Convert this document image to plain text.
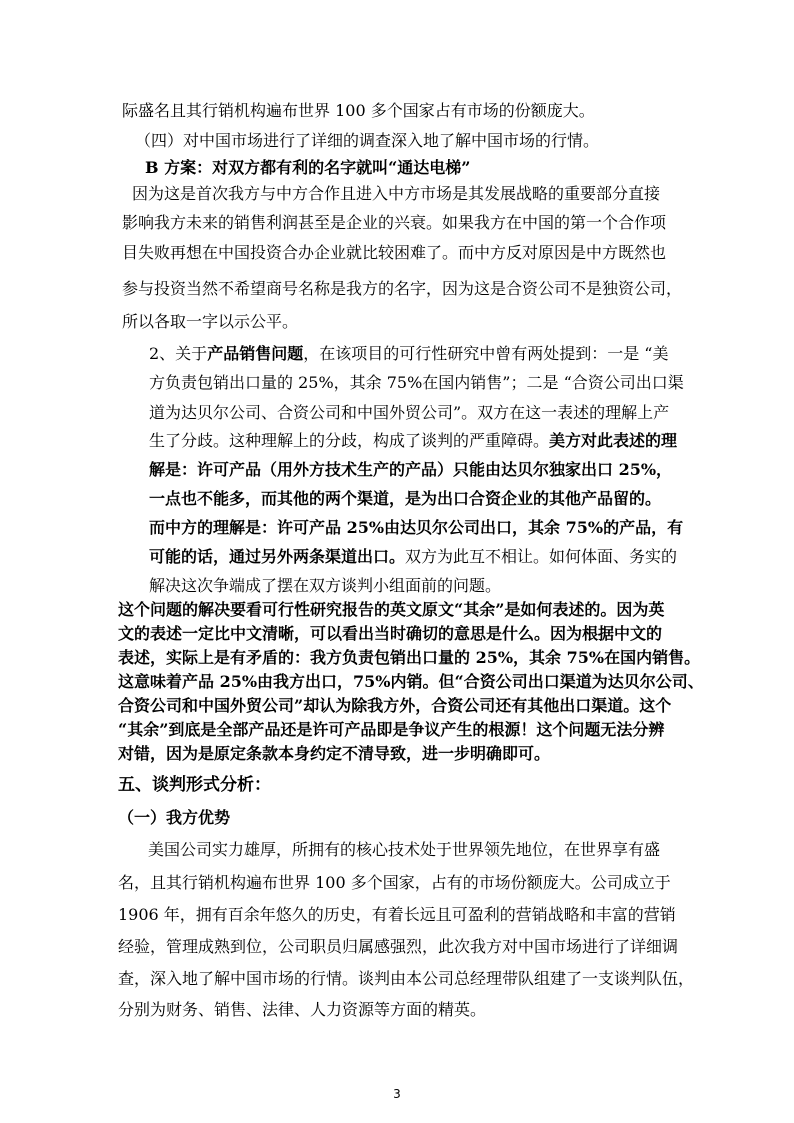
际盛名且其行销机构遍布世界 100 多个国家占有市场的份额庞大。
（四）对中国市场进行了详细的调查深入地了解中国市场的行情。
B 方案：对双方都有利的名字就叫“通达电梯”
因为这是首次我方与中方合作且进入中方市场是其发展战略的重要部分直接
影响我方未来的销售利润甚至是企业的兴衰。如果我方在中国的第一个合作项
目失败再想在中国投资合办企业就比较困难了。而中方反对原因是中方既然也
参与投资当然不希望商号名称是我方的名字，因为这是合资公司不是独资公司，
所以各取一字以示公平。
2、关于产品销售问题，在该项目的可行性研究中曾有两处提到：一是 “美
方负责包销出口量的 25%，其余 75%在国内销售”；二是 “合资公司出口渠
道为达贝尔公司、合资公司和中国外贸公司”。双方在这一表述的理解上产
生了分歧。这种理解上的分歧，构成了谈判的严重障碍。美方对此表述的理
解是：许可产品（用外方技术生产的产品）只能由达贝尔独家出口 25%，
一点也不能多，而其他的两个渠道，是为出口合资企业的其他产品留的。
而中方的理解是：许可产品 25%由达贝尔公司出口，其余 75%的产品，有
可能的话，通过另外两条渠道出口。双方为此互不相让。如何体面、务实的
解决这次争端成了摆在双方谈判小组面前的问题。
这个问题的解决要看可行性研究报告的英文原文“其余”是如何表述的。因为英
文的表述一定比中文清晰，可以看出当时确切的意思是什么。因为根据中文的
表述，实际上是有矛盾的：我方负责包销出口量的 25%，其余 75%在国内销售。
这意味着产品 25%由我方出口，75%内销。但“合资公司出口渠道为达贝尔公司、
合资公司和中国外贸公司”却认为除我方外，合资公司还有其他出口渠道。这个
“其余”到底是全部产品还是许可产品即是争议产生的根源！这个问题无法分辨
对错，因为是原定条款本身约定不清导致，进一步明确即可。
五、谈判形式分析：
（一）我方优势
美国公司实力雄厚，所拥有的核心技术处于世界领先地位，在世界享有盛
名，且其行销机构遍布世界 100 多个国家，占有的市场份额庞大。公司成立于
1906 年，拥有百余年悠久的历史，有着长远且可盈利的营销战略和丰富的营销
经验，管理成熟到位，公司职员归属感强烈，此次我方对中国市场进行了详细调
查，深入地了解中国市场的行情。谈判由本公司总经理带队组建了一支谈判队伍，
分别为财务、销售、法律、人力资源等方面的精英。
3
